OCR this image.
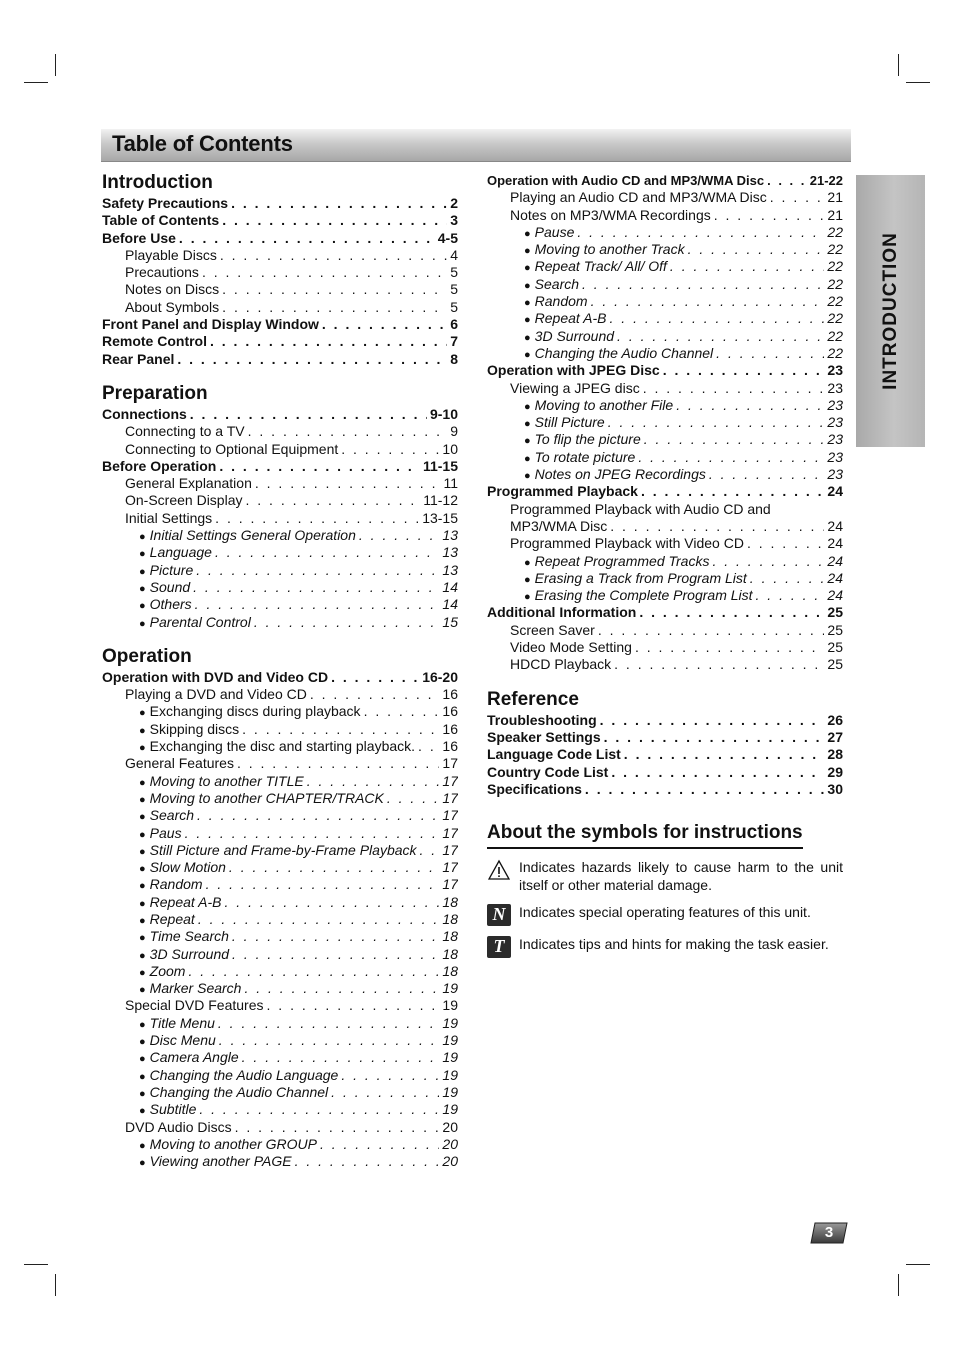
Table of Contents
INTRODUCTION
Introduction
Safety Precautions . . .	2
Table of Contents . . .	3
Before Use . . .	4-5
Playable Discs . . .	4
Precautions . . .	5
Notes on Discs . . .	5
About Symbols . . .	5
Front Panel and Display Window . . .	6
Remote Control . . .	7
Rear Panel . . .	8
Preparation
Connections . . .	9-10
Connecting to a TV . . .	9
Connecting to Optional Equipment . . .	10
Before Operation . . .	11-15
General Explanation . . .	11
On-Screen Display . . .	11-12
Initial Settings . . .	13-15
● Initial Settings General Operation . . .	13
● Language . . .	13
● Picture . . .	13
● Sound . . .	14
● Others . . .	14
● Parental Control . . .	15
Operation
Operation with DVD and Video CD . . .	16-20
Playing a DVD and Video CD . . .	16
● Exchanging discs during playback . . .	16
● Skipping discs . . .	16
● Exchanging the disc and starting playback. . . . 16
General Features . . .	17
● Moving to another TITLE . . .	17
● Moving to another CHAPTER/TRACK . . .	17
● Search . . .	17
● Paus . . .	17
● Still Picture and Frame-by-Frame Playback . . . 17
● Slow Motion . . .	17
● Random . . .	17
● Repeat A-B . . .	18
● Repeat . . .	18
● Time Search . . .	18
● 3D Surround . . .	18
● Zoom . . .	18
● Marker Search . . .	19
Special DVD Features . . .	19
● Title Menu . . .	19
● Disc Menu . . .	19
● Camera Angle . . .	19
● Changing the Audio Language . . .	19
● Changing the Audio Channel . . .	19
● Subtitle . . .	19
DVD Audio Discs . . .	20
● Moving to another GROUP . . .	20
● Viewing another PAGE . . .	20
Operation with Audio CD and MP3/WMA Disc . . .	21-22
Playing an Audio CD and MP3/WMA Disc . . .	21
Notes on MP3/WMA Recordings . . .	21
● Pause . . .	22
● Moving to another Track . . .	22
● Repeat Track/ All/ Off . . .	22
● Search . . .	22
● Random . . .	22
● Repeat A-B . . .	22
● 3D Surround . . .	22
● Changing the Audio Channel . . .	22
Operation with JPEG Disc . . .	23
Viewing a JPEG disc . . .	23
● Moving to another File . . .	23
● Still Picture . . .	23
● To flip the picture . . .	23
● To rotate picture . . .	23
● Notes on JPEG Recordings . . .	23
Programmed Playback . . .	24
Programmed Playback with Audio CD and
MP3/WMA Disc . . .	24
Programmed Playback with Video CD . . .	24
● Repeat Programmed Tracks . . .	24
● Erasing a Track from Program List . . .	24
● Erasing the Complete Program List . . .	24
Additional Information . . .	25
Screen Saver . . .	25
Video Mode Setting . . .	25
HDCD Playback . . .	25
Reference
Troubleshooting . . .	26
Speaker Settings . . .	27
Language Code List . . .	28
Country Code List . . .	29
Specifications . . .	30
About the symbols for instructions
Indicates hazards likely to cause harm to the unit itself or other material damage.
N Indicates special operating features of this unit.
T	Indicates tips and hints for making the task easier.
3
